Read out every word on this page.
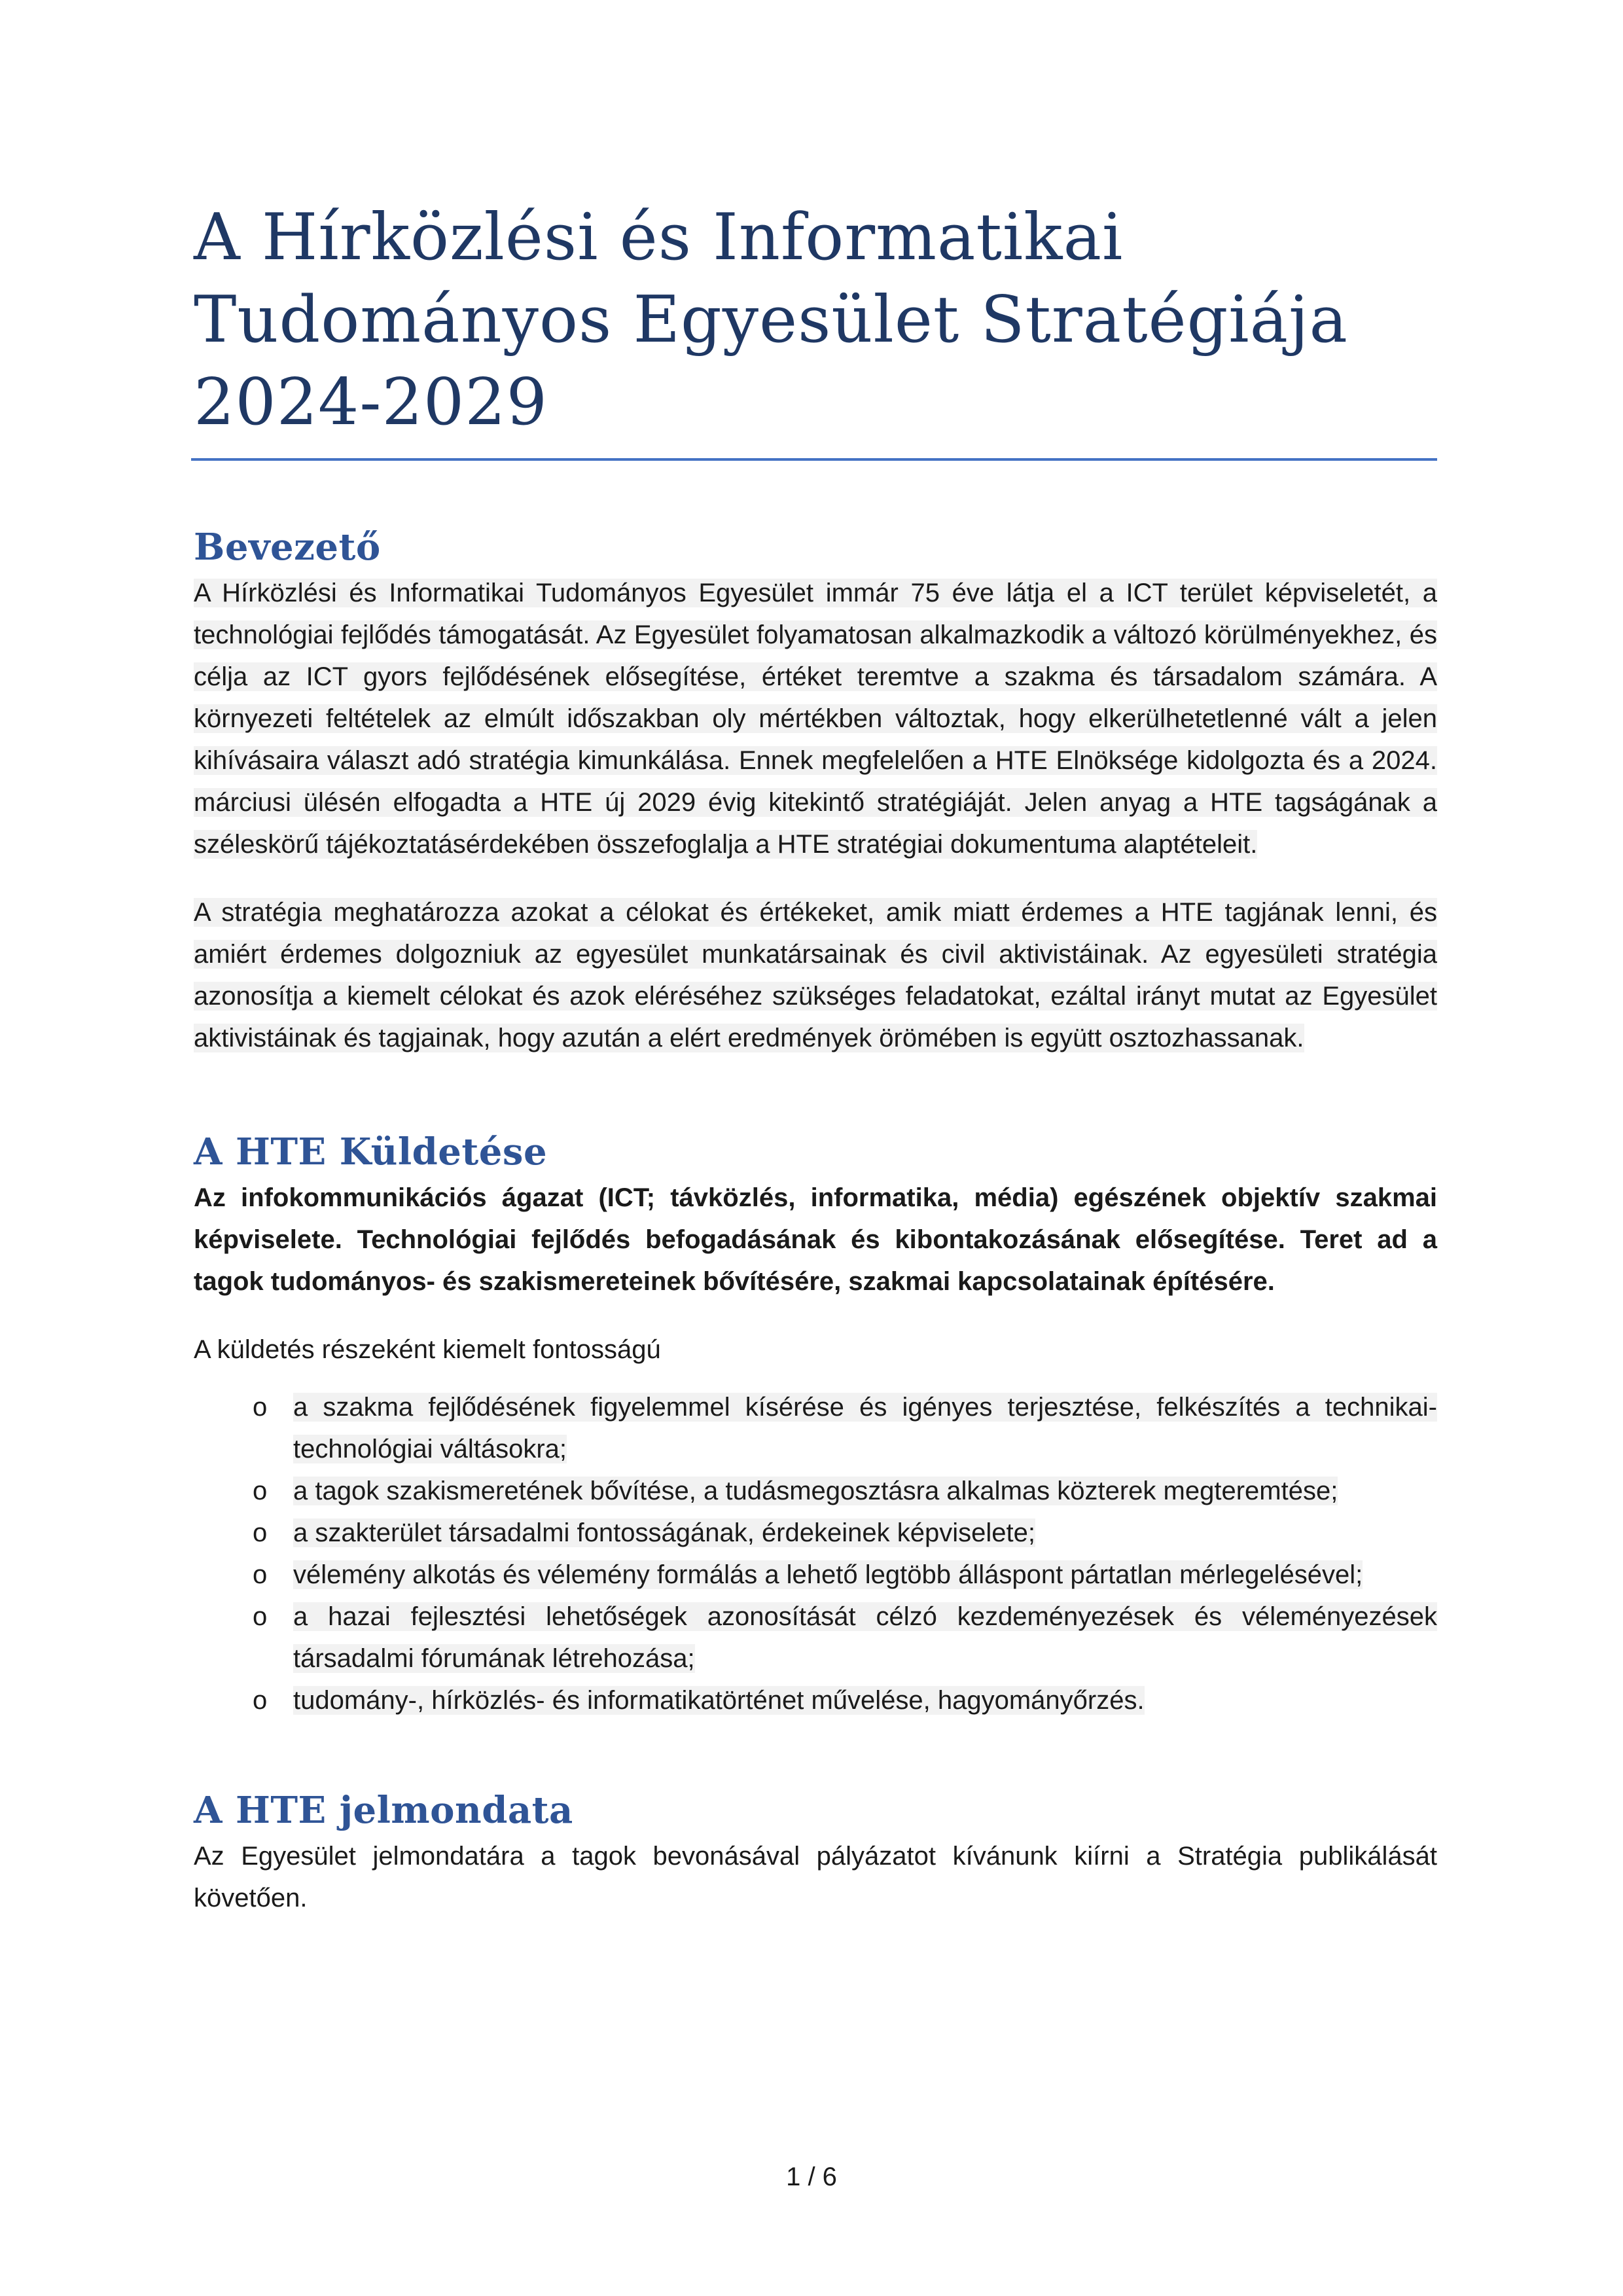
A Hírközlési és Informatikai
Tudományos Egyesület Stratégiája
2024-2029
Bevezető

A Hírközlési és Informatikai Tudományos Egyesület immár 75 éve látja el a ICT terület képviseletét, a technológiai fejlődés támogatását. Az Egyesület folyamatosan alkalmazkodik a változó körülményekhez, és célja az ICT gyors fejlődésének elősegítése, értéket teremtve a szakma és társadalom számára. A környezeti feltételek az elmúlt időszakban oly mértékben változtak, hogy elkerülhetetlenné vált a jelen kihívásaira választ adó stratégia kimunkálása. Ennek megfelelően a HTE Elnöksége kidolgozta és a 2024. márciusi ülésén elfogadta a HTE új 2029 évig kitekintő stratégiáját. Jelen anyag a HTE tagságának a széleskörű tájékoztatásérdekében összefoglalja a HTE stratégiai dokumentuma alaptételeit.

A stratégia meghatározza azokat a célokat és értékeket, amik miatt érdemes a HTE tagjának lenni, és amiért érdemes dolgozniuk az egyesület munkatársainak és civil aktivistáinak. Az egyesületi stratégia azonosítja a kiemelt célokat és azok eléréséhez szükséges feladatokat, ezáltal irányt mutat az Egyesület aktivistáinak és tagjainak, hogy azután a elért eredmények örömében is együtt osztozhassanak.

A HTE Küldetése

Az infokommunikációs ágazat (ICT; távközlés, informatika, média) egészének objektív szakmai képviselete. Technológiai fejlődés befogadásának és kibontakozásának elősegítése. Teret ad a tagok tudományos- és szakismereteinek bővítésére, szakmai kapcsolatainak építésére.

A küldetés részeként kiemelt fontosságú

o a szakma fejlődésének figyelemmel kísérése és igényes terjesztése, felkészítés a technikai-technológiai váltásokra;
o a tagok szakismeretének bővítése, a tudásmegosztásra alkalmas közterek megteremtése;
o a szakterület társadalmi fontosságának, érdekeinek képviselete;
o vélemény alkotás és vélemény formálás a lehető legtöbb álláspont pártatlan mérlegelésével;
o a hazai fejlesztési lehetőségek azonosítását célzó kezdeményezések és véleményezések társadalmi fórumának létrehozása;
o tudomány-, hírközlés- és informatikatörténet művelése, hagyományőrzés.
A HTE jelmondata

Az Egyesület jelmondatára a tagok bevonásával pályázatot kívánunk kiírni a Stratégia publikálását követően.

1 / 6
